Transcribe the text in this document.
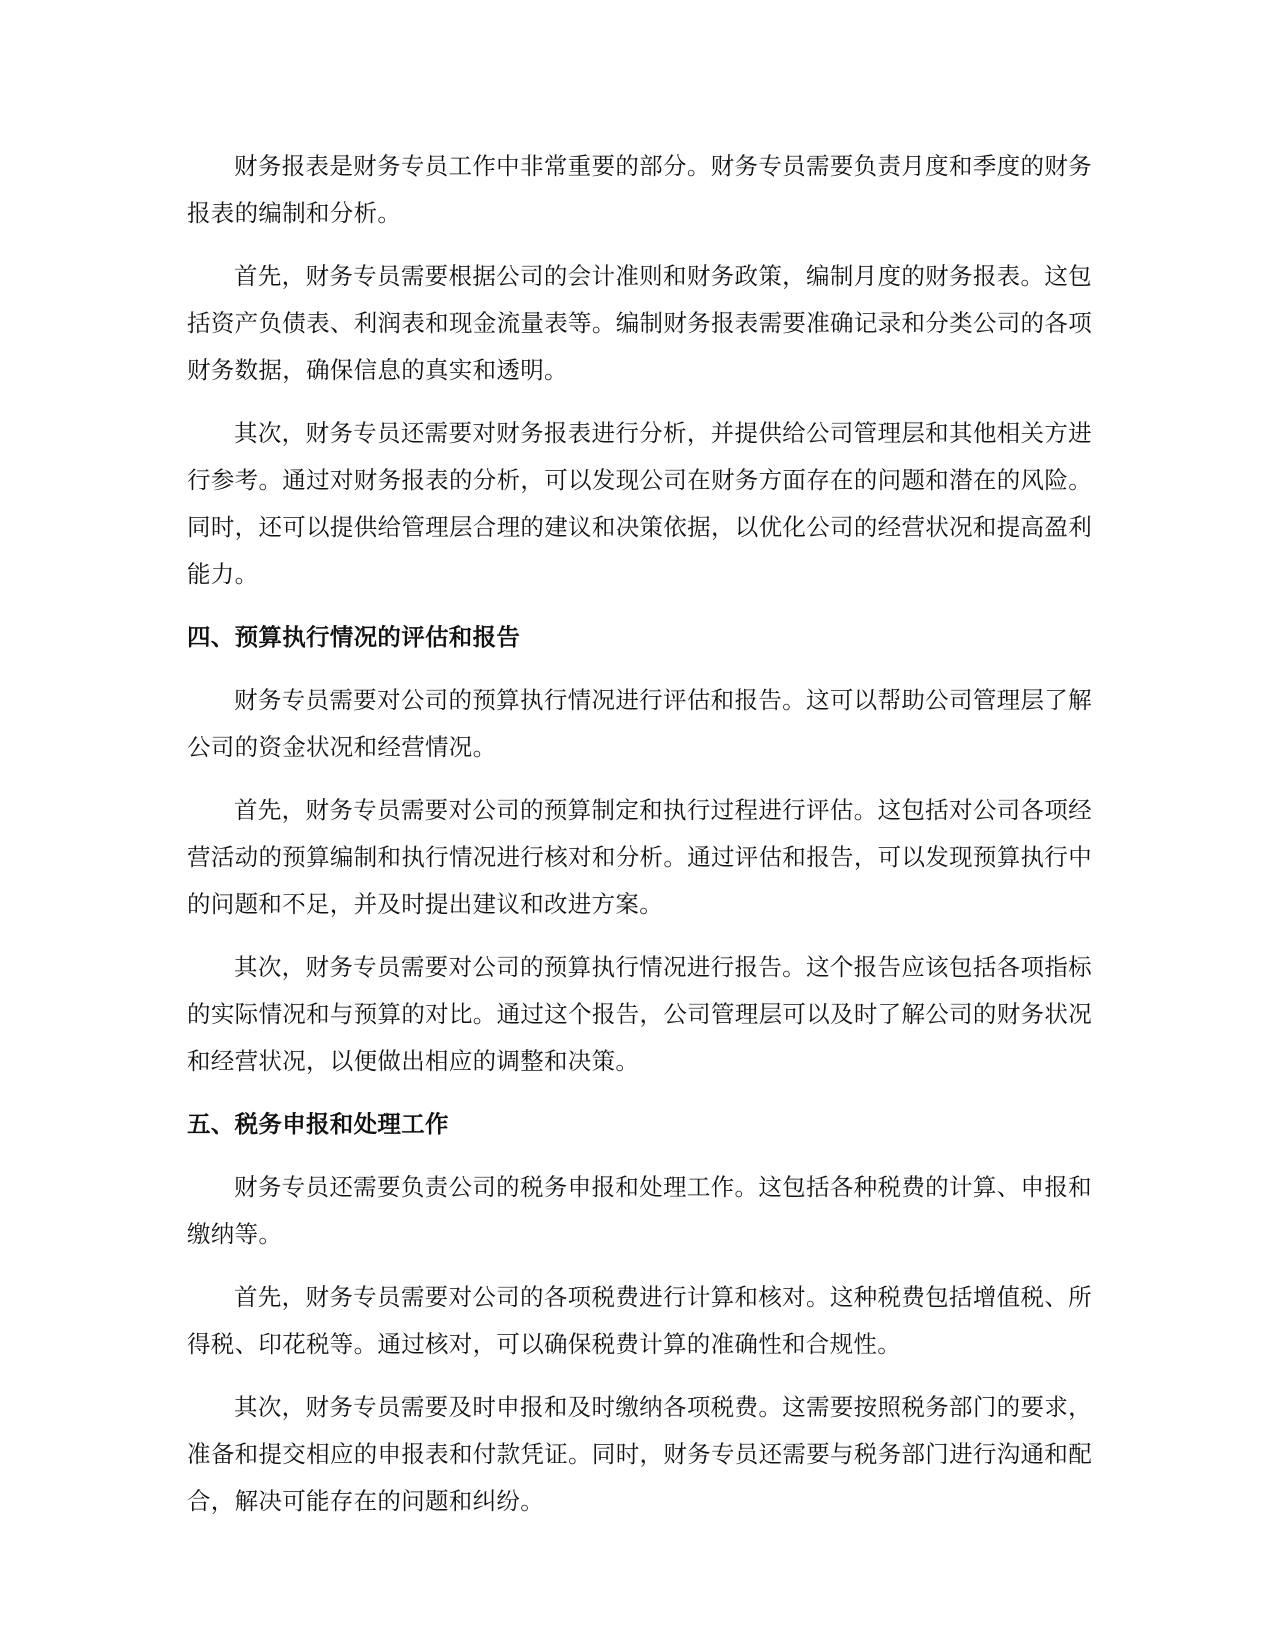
财务报表是财务专员工作中非常重要的部分。财务专员需要负责月度和季度的财务报表的编制和分析。

首先，财务专员需要根据公司的会计准则和财务政策，编制月度的财务报表。这包括资产负债表、利润表和现金流量表等。编制财务报表需要准确记录和分类公司的各项财务数据，确保信息的真实和透明。

其次，财务专员还需要对财务报表进行分析，并提供给公司管理层和其他相关方进行参考。通过对财务报表的分析，可以发现公司在财务方面存在的问题和潜在的风险。同时，还可以提供给管理层合理的建议和决策依据，以优化公司的经营状况和提高盈利能力。

四、预算执行情况的评估和报告

财务专员需要对公司的预算执行情况进行评估和报告。这可以帮助公司管理层了解公司的资金状况和经营情况。

首先，财务专员需要对公司的预算制定和执行过程进行评估。这包括对公司各项经营活动的预算编制和执行情况进行核对和分析。通过评估和报告，可以发现预算执行中的问题和不足，并及时提出建议和改进方案。

其次，财务专员需要对公司的预算执行情况进行报告。这个报告应该包括各项指标的实际情况和与预算的对比。通过这个报告，公司管理层可以及时了解公司的财务状况和经营状况，以便做出相应的调整和决策。

五、税务申报和处理工作

财务专员还需要负责公司的税务申报和处理工作。这包括各种税费的计算、申报和缴纳等。

首先，财务专员需要对公司的各项税费进行计算和核对。这种税费包括增值税、所得税、印花税等。通过核对，可以确保税费计算的准确性和合规性。

其次，财务专员需要及时申报和及时缴纳各项税费。这需要按照税务部门的要求，准备和提交相应的申报表和付款凭证。同时，财务专员还需要与税务部门进行沟通和配合，解决可能存在的问题和纠纷。
